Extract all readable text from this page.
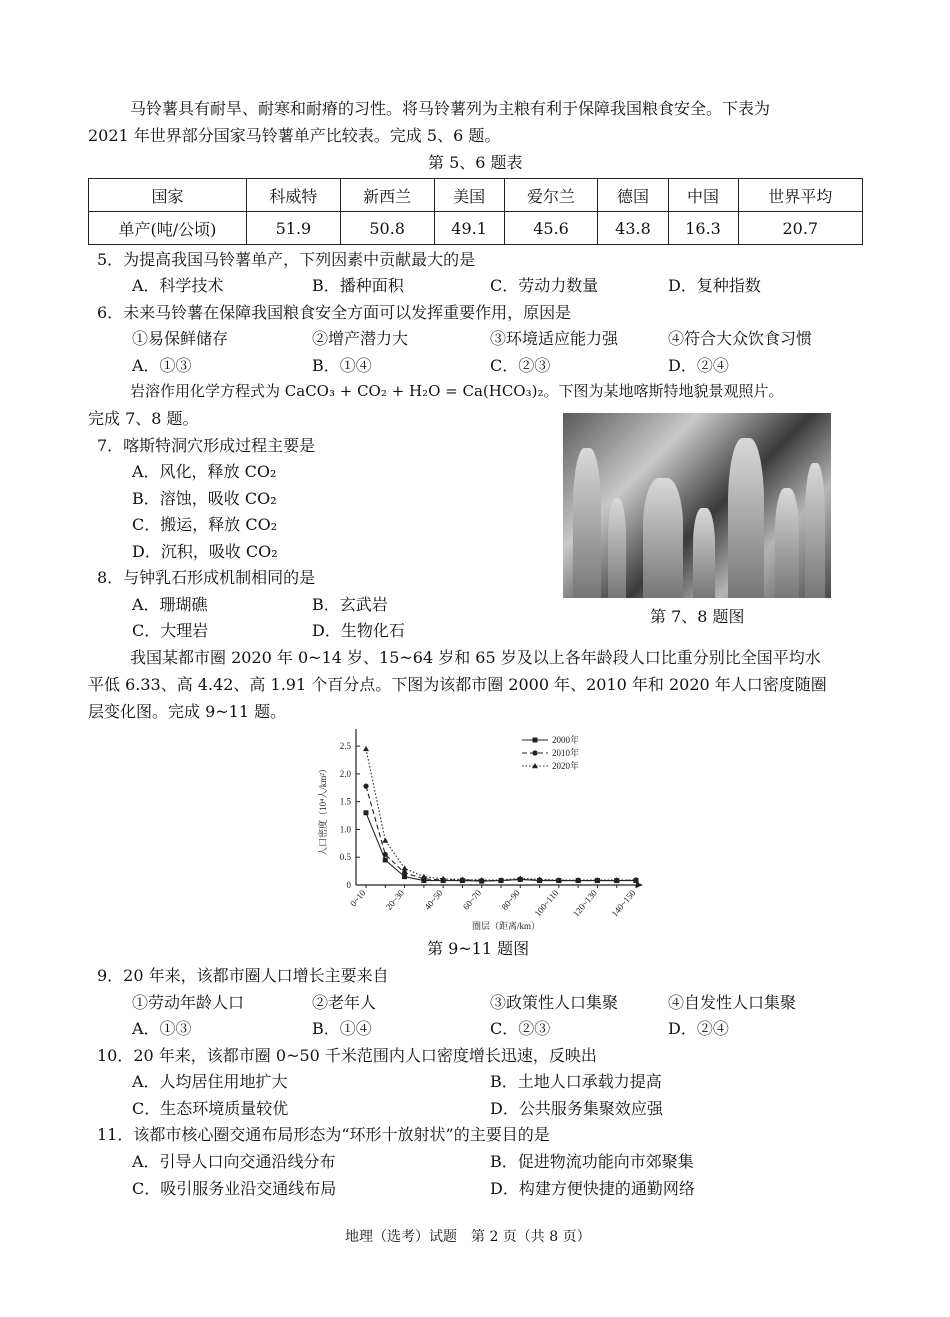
马铃薯具有耐旱、耐寒和耐瘠的习性。将马铃薯列为主粮有利于保障我国粮食安全。下表为
2021 年世界部分国家马铃薯单产比较表。完成 5、6 题。
第 5、6 题表
国家	科威特	新西兰	美国	爱尔兰	德国	中国	世界平均
单产(吨/公顷)	51.9	50.8	49.1	45.6	43.8	16.3	20.7
5．为提高我国马铃薯单产，下列因素中贡献最大的是
A．科学技术	B．播种面积	C．劳动力数量	D．复种指数
6．未来马铃薯在保障我国粮食安全方面可以发挥重要作用，原因是
①易保鲜储存	②增产潜力大	③环境适应能力强	④符合大众饮食习惯
A．①③	B．①④	C．②③	D．②④
岩溶作用化学方程式为 CaCO₃ + CO₂ + H₂O = Ca(HCO₃)₂。下图为某地喀斯特地貌景观照片。
完成 7、8 题。
7．喀斯特洞穴形成过程主要是
A．风化，释放 CO₂
B．溶蚀，吸收 CO₂
C．搬运，释放 CO₂
D．沉积，吸收 CO₂
8．与钟乳石形成机制相同的是
A．珊瑚礁	B．玄武岩
C．大理岩	D．生物化石
第 7、8 题图
我国某都市圈 2020 年 0~14 岁、15~64 岁和 65 岁及以上各年龄段人口比重分别比全国平均水
平低 6.33、高 4.42、高 1.91 个百分点。下图为该都市圈 2000 年、2010 年和 2020 年人口密度随圈
层变化图。完成 9~11 题。
0
0.5
1.0
1.5
2.0
2.5
人口密度（10⁴人/km²）
0~10 20~30 40~50 60~70 80~90 100~110 120~130 140~150
圈层（距离/km）
2000年
2010年
2020年
第 9~11 题图
9．20 年来，该都市圈人口增长主要来自
①劳动年龄人口	②老年人	③政策性人口集聚	④自发性人口集聚
A．①③	B．①④	C．②③	D．②④
10．20 年来，该都市圈 0~50 千米范围内人口密度增长迅速，反映出
A．人均居住用地扩大	B．土地人口承载力提高
C．生态环境质量较优	D．公共服务集聚效应强
11．该都市核心圈交通布局形态为“环形十放射状”的主要目的是
A．引导人口向交通沿线分布	B．促进物流功能向市郊聚集
C．吸引服务业沿交通线布局	D．构建方便快捷的通勤网络
地理（选考）试题　第 2 页（共 8 页）
